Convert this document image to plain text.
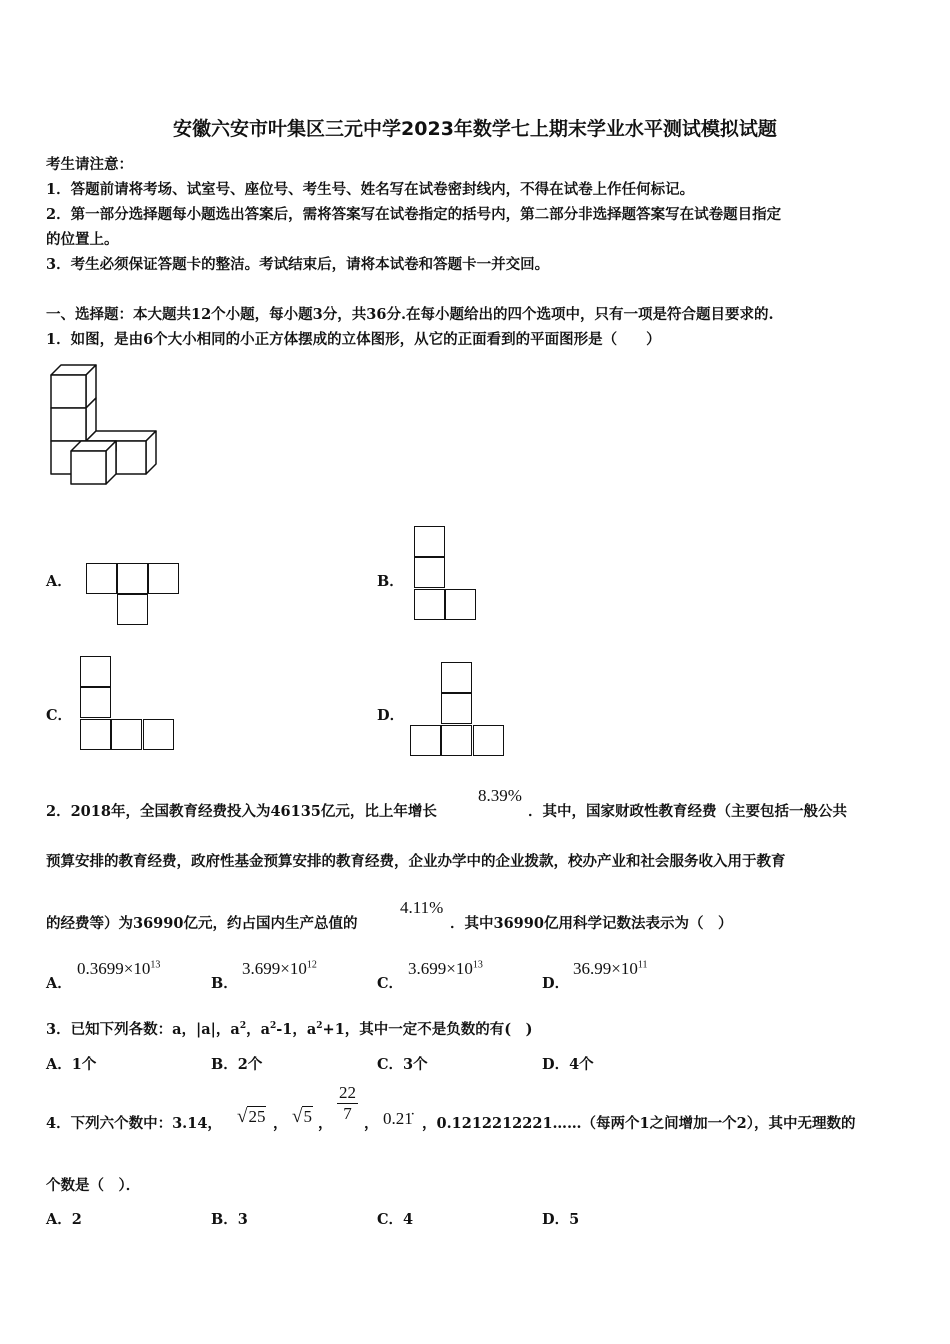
安徽六安市叶集区三元中学2023年数学七上期末学业水平测试模拟试题
考生请注意：
1．答题前请将考场、试室号、座位号、考生号、姓名写在试卷密封线内，不得在试卷上作任何标记。
2．第一部分选择题每小题选出答案后，需将答案写在试卷指定的括号内，第二部分非选择题答案写在试卷题目指定
的位置上。
3．考生必须保证答题卡的整洁。考试结束后，请将本试卷和答题卡一并交回。
一、选择题：本大题共12个小题，每小题3分，共36分.在每小题给出的四个选项中，只有一项是符合题目要求的.
1．如图，是由6个大小相同的小正方体摆成的立体图形，从它的正面看到的平面图形是（　　）
A．	B．
C．	D．
2．2018年，全国教育经费投入为46135亿元，比上年增长
8.39%
．其中，国家财政性教育经费（主要包括一般公共
预算安排的教育经费，政府性基金预算安排的教育经费，企业办学中的企业拨款，校办产业和社会服务收入用于教育
的经费等）为36990亿元，约占国内生产总值的
4.11%
．其中36990亿用科学记数法表示为（　）
A．
$0.3699\times 10^{13}$
B．
$3.699\times 10^{12}$
C．
$3.699\times 10^{13}$
D．
$36.99\times 10^{11}$
3．已知下列各数：a，|a|，$a^2$，$a^2-1$，$a^2+1$，其中一定不是负数的有(　)
A．1个	B．2个	C．3个	D．4个
4．下列六个数中：3.14， √25 ， √5 ， $\frac{22}{7}$ ， 0.21 ，0.1212212221……（每两个1之间增加一个2），其中无理数的
个数是（　）．
A．2	B．3	C．4	D．5
